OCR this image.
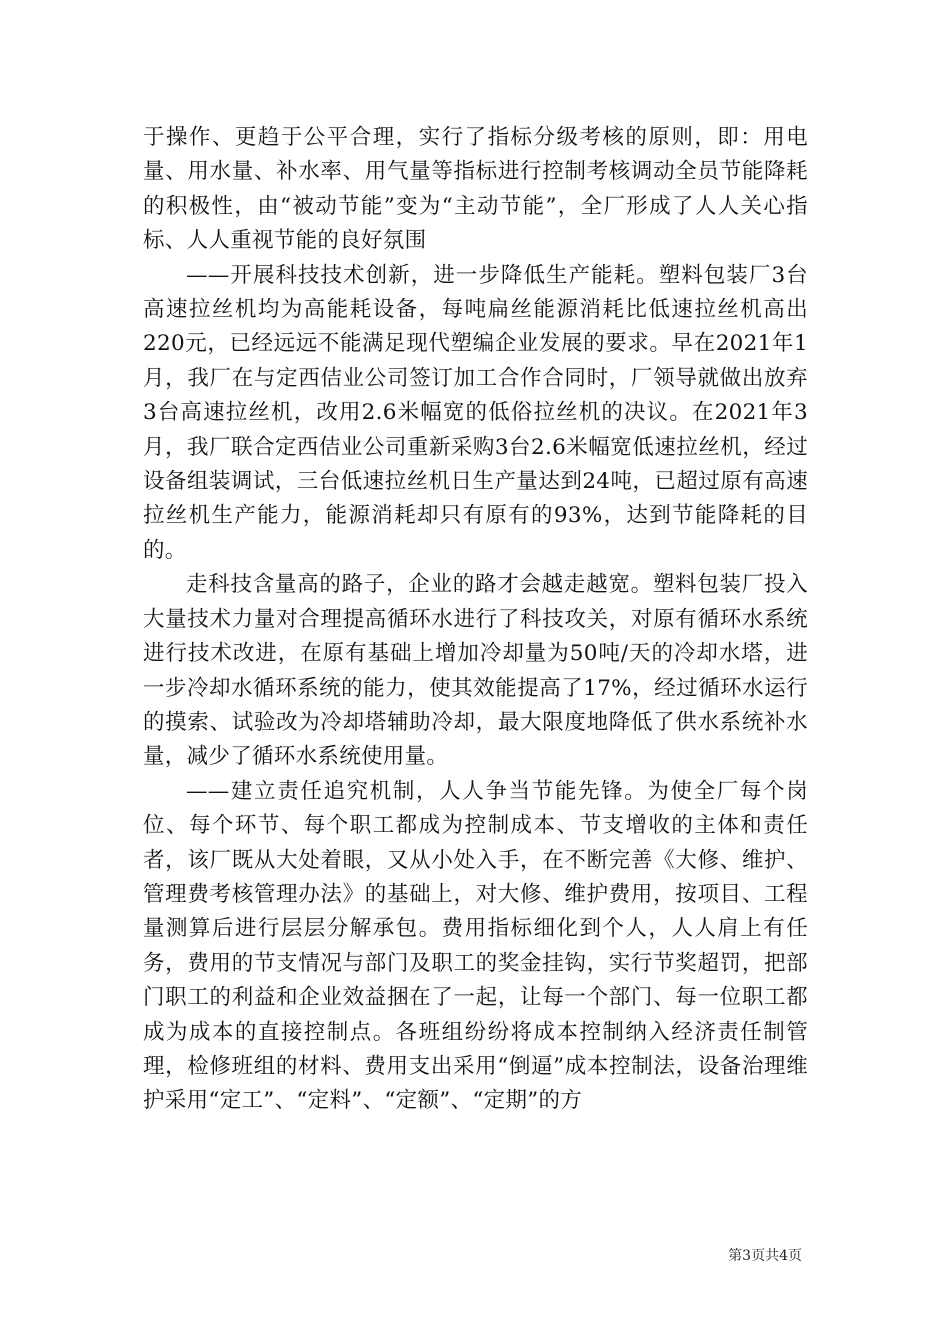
于操作、更趋于公平合理，实行了指标分级考核的原则，即：用电量、用水量、补水率、用气量等指标进行控制考核调动全员节能降耗的积极性，由“被动节能”变为“主动节能”，全厂形成了人人关心指标、人人重视节能的良好氛围

——开展科技技术创新，进一步降低生产能耗。塑料包装厂3台高速拉丝机均为高能耗设备，每吨扁丝能源消耗比低速拉丝机高出220元，已经远远不能满足现代塑编企业发展的要求。早在2021年1月，我厂在与定西佶业公司签订加工合作合同时，厂领导就做出放弃3台高速拉丝机，改用2.6米幅宽的低俗拉丝机的决议。在2021年3月，我厂联合定西佶业公司重新采购3台2.6米幅宽低速拉丝机，经过设备组装调试，三台低速拉丝机日生产量达到24吨，已超过原有高速拉丝机生产能力，能源消耗却只有原有的93%，达到节能降耗的目的。

走科技含量高的路子，企业的路才会越走越宽。塑料包装厂投入大量技术力量对合理提高循环水进行了科技攻关，对原有循环水系统进行技术改进，在原有基础上增加冷却量为50吨/天的冷却水塔，进一步冷却水循环系统的能力，使其效能提高了17%，经过循环水运行的摸索、试验改为冷却塔辅助冷却，最大限度地降低了供水系统补水量，减少了循环水系统使用量。

——建立责任追究机制，人人争当节能先锋。为使全厂每个岗位、每个环节、每个职工都成为控制成本、节支增收的主体和责任者，该厂既从大处着眼，又从小处入手，在不断完善《大修、维护、管理费考核管理办法》的基础上，对大修、维护费用，按项目、工程量测算后进行层层分解承包。费用指标细化到个人，人人肩上有任务，费用的节支情况与部门及职工的奖金挂钩，实行节奖超罚，把部门职工的利益和企业效益捆在了一起，让每一个部门、每一位职工都成为成本的直接控制点。各班组纷纷将成本控制纳入经济责任制管理，检修班组的材料、费用支出采用“倒逼”成本控制法，设备治理维护采用“定工”、“定料”、“定额”、“定期”的方

第3页共4页
